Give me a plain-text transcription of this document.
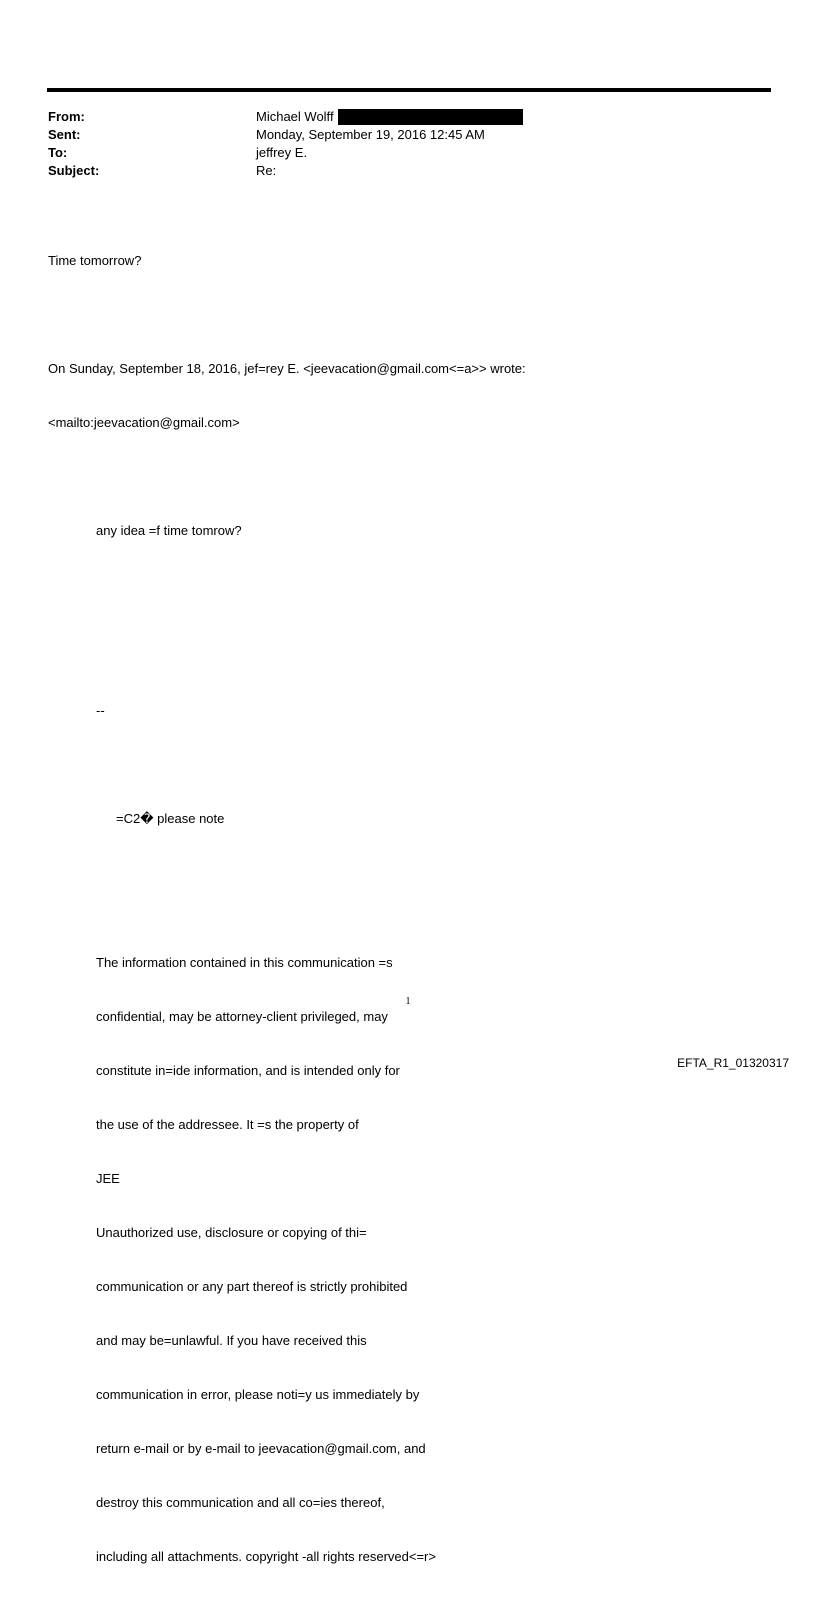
From:	Michael Wolff
Sent:	Monday, September 19, 2016 12:45 AM
To:	jeffrey E.
Subject:	Re:

Time tomorrow?

On Sunday, September 18, 2016, jef=rey E. <jeevacation@gmail.com<=a>> wrote:

<mailto:jeevacation@gmail.com>

any idea =f time tomrow?

--

=C2� please note

The information contained in this communication =s

confidential, may be attorney-client privileged, may

constitute in=ide information, and is intended only for

the use of the addressee. It =s the property of

JEE

Unauthorized use, disclosure or copying of thi=

communication or any part thereof is strictly prohibited

and may be=unlawful. If you have received this

communication in error, please noti=y us immediately by

return e-mail or by e-mail to jeevacation@gmail.com, and

destroy this communication and all co=ies thereof,

including all attachments. copyright -all rights reserved<=r>

1
EFTA_R1_01320317
